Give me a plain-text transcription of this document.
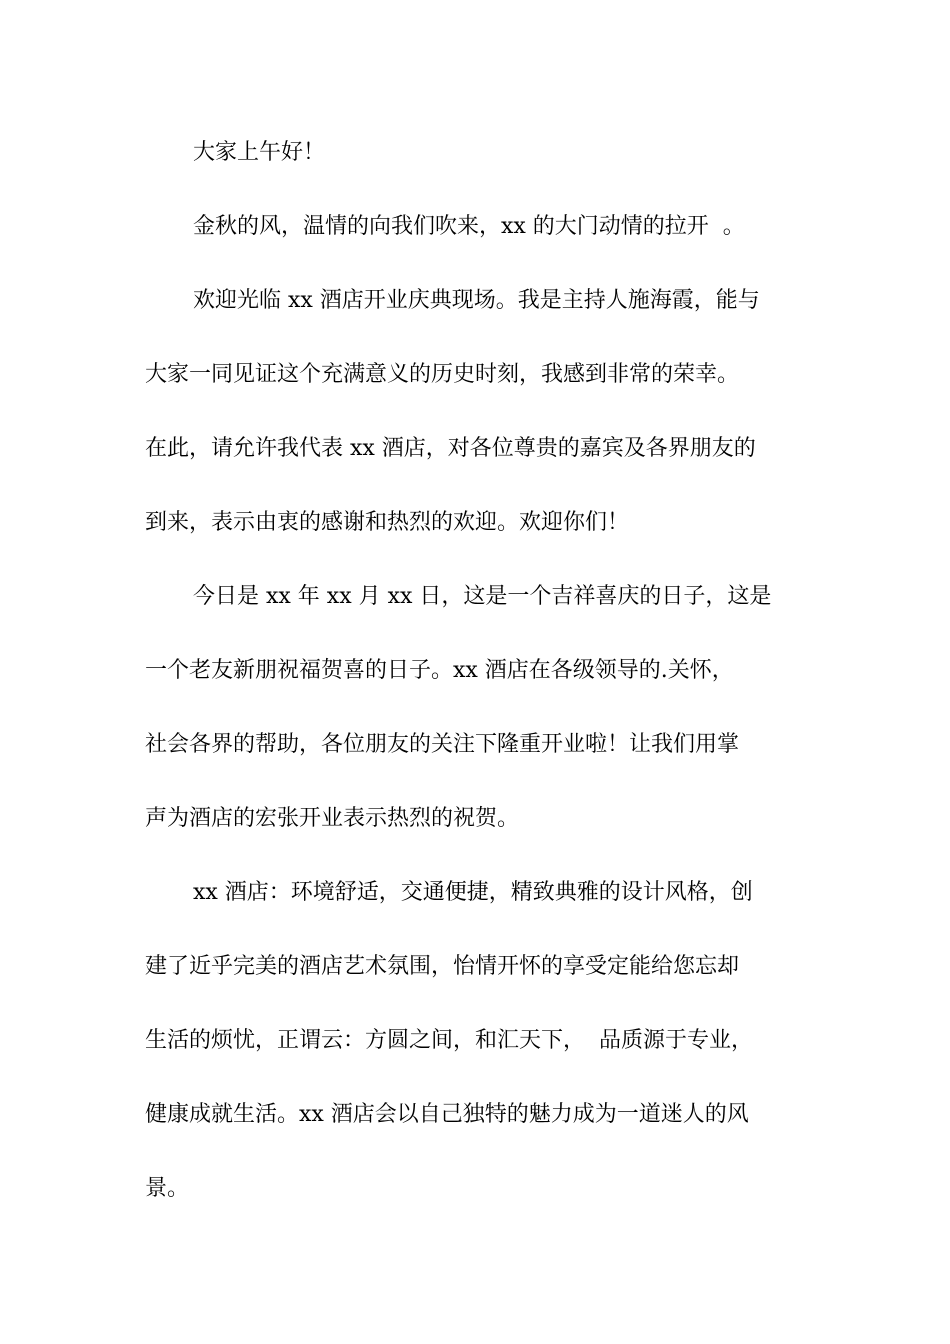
大家上午好！
金秋的风，温情的向我们吹来，xx 的大门动情的拉开  。
欢迎光临 xx 酒店开业庆典现场。我是主持人施海霞，能与
大家一同见证这个充满意义的历史时刻，我感到非常的荣幸。
在此，请允许我代表 xx 酒店，对各位尊贵的嘉宾及各界朋友的
到来，表示由衷的感谢和热烈的欢迎。欢迎你们！
今日是 xx 年 xx 月 xx 日，这是一个吉祥喜庆的日子，这是
一个老友新朋祝福贺喜的日子。xx 酒店在各级领导的.关怀，
社会各界的帮助，各位朋友的关注下隆重开业啦！让我们用掌
声为酒店的宏张开业表示热烈的祝贺。
xx 酒店：环境舒适，交通便捷，精致典雅的设计风格，创
建了近乎完美的酒店艺术氛围，怡情开怀的享受定能给您忘却
生活的烦忧，正谓云：方圆之间，和汇天下，  品质源于专业，
健康成就生活。xx 酒店会以自己独特的魅力成为一道迷人的风
景。
